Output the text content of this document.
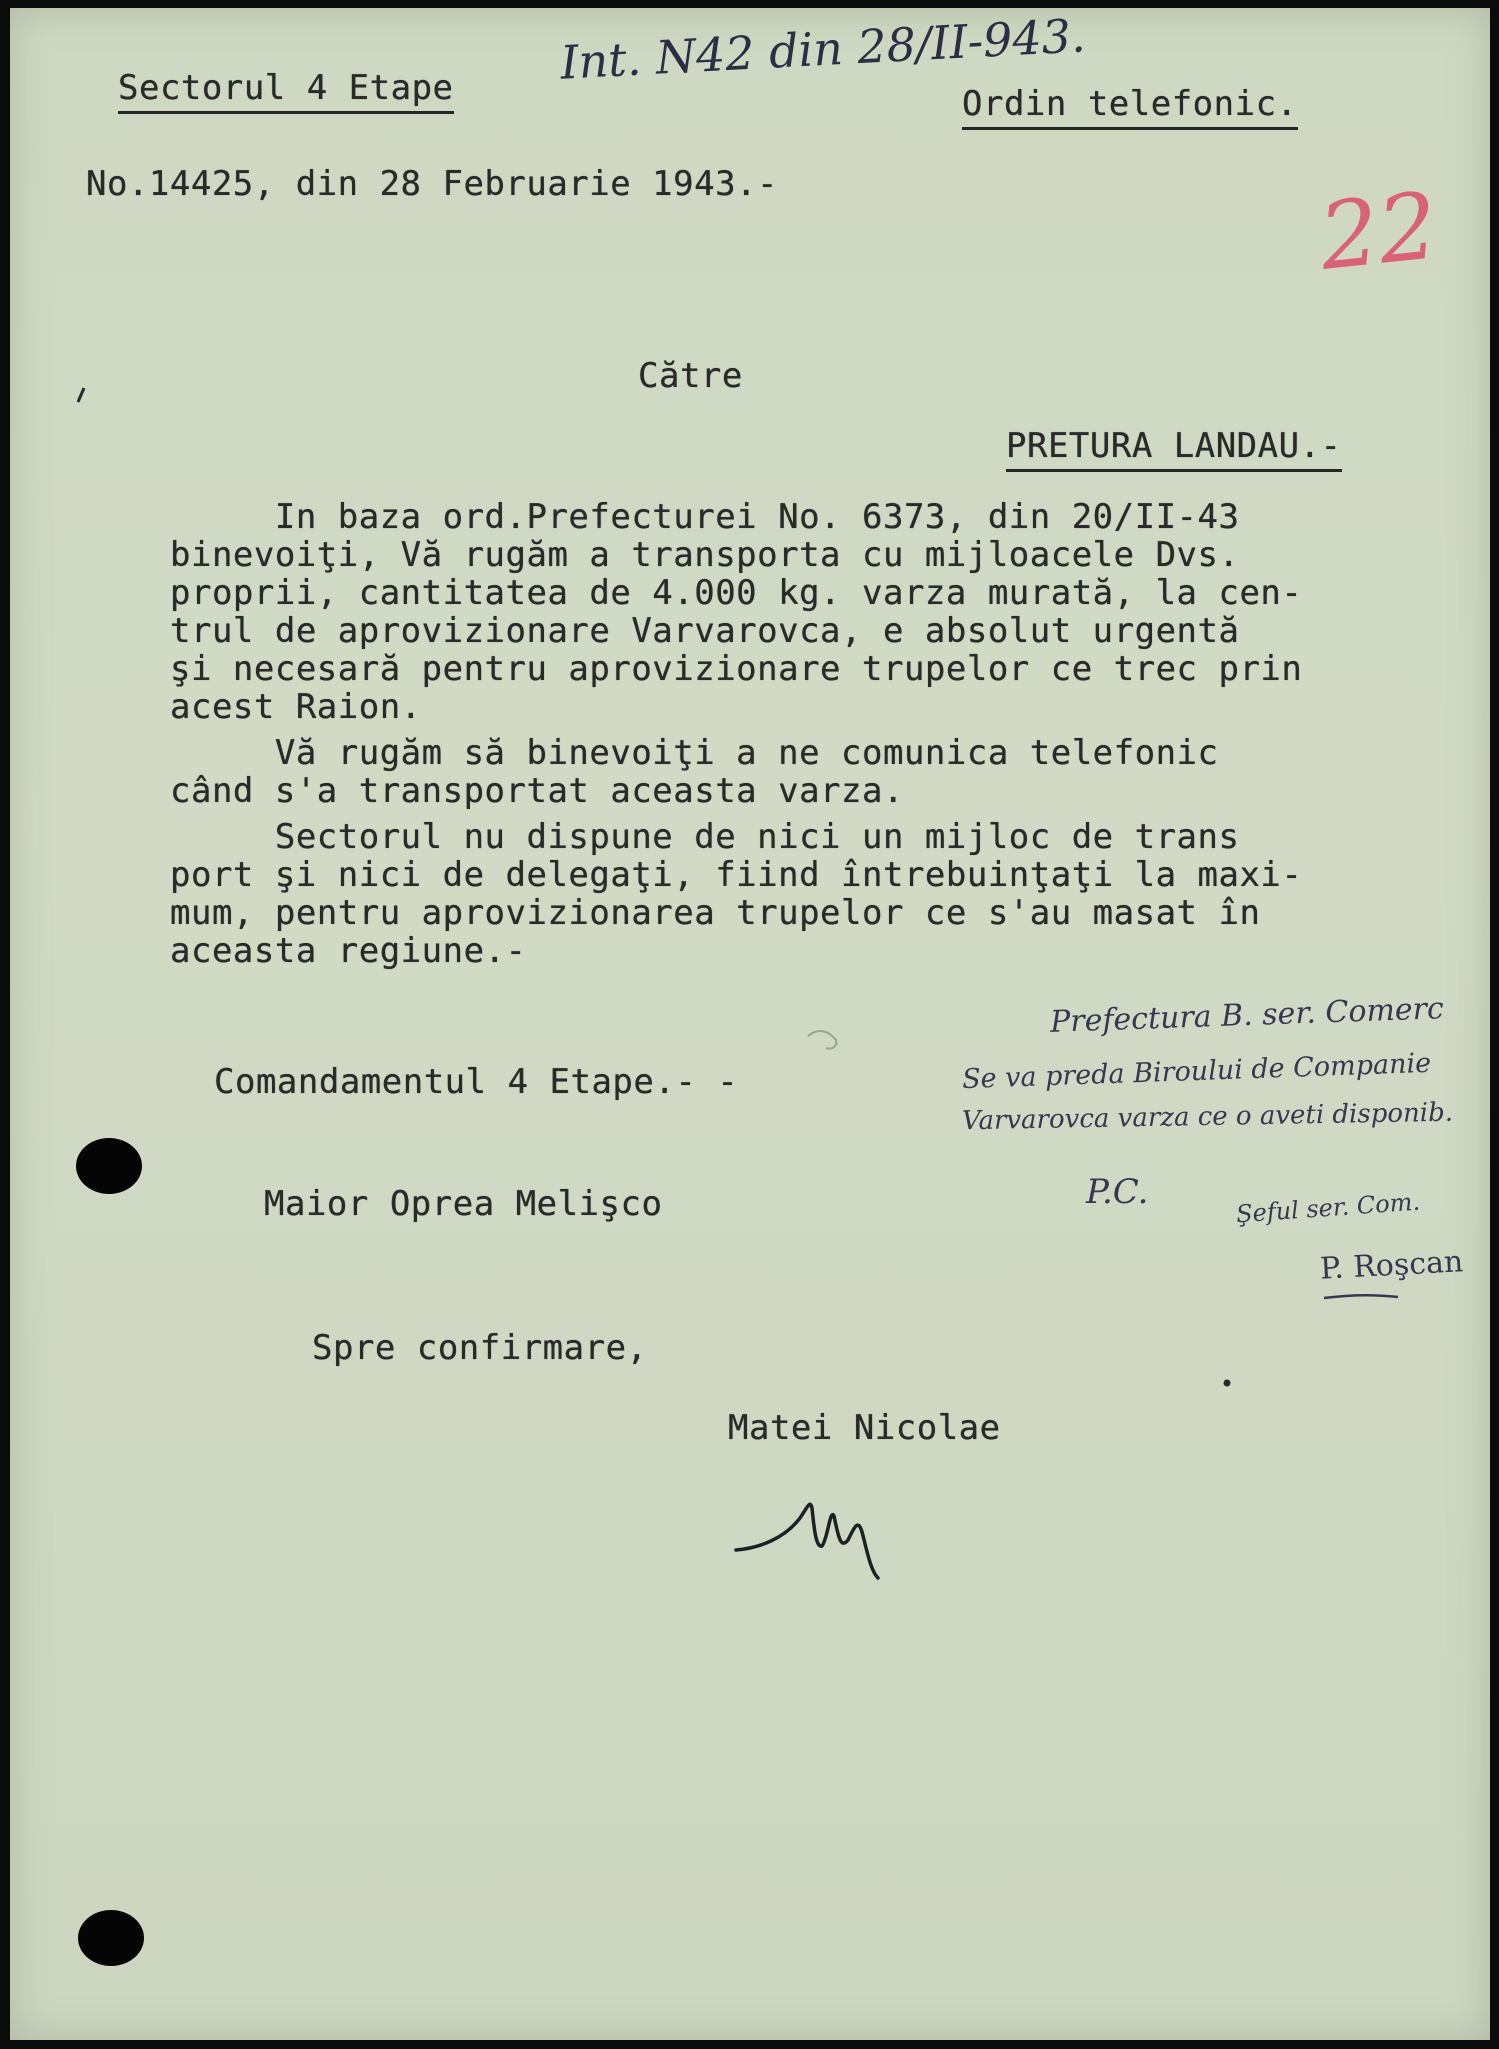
Sectorul 4 Etape	Ordin telefonic.
Int. N42 din 28/II-943.
No.14425, din 28 Februarie 1943.-	22
Către
PRETURA LANDAU.-
In baza ord.Prefecturei No. 6373, din 20/II-43
binevoiţi, Vă rugăm a transporta cu mijloacele Dvs.
proprii, cantitatea de 4.000 kg. varza murată, la cen-
trul de aprovizionare Varvarovca, e absolut urgentă
şi necesară pentru aprovizionare trupelor ce trec prin
acest Raion.
Vă rugăm să binevoiţi a ne comunica telefonic
când s'a transportat aceasta varza.
Sectorul nu dispune de nici un mijloc de trans
port şi nici de delegaţi, fiind întrebuinţaţi la maxi-
mum, pentru aprovizionarea trupelor ce s'au masat în
aceasta regiune.-
Comandamentul 4 Etape.- -
Maior Oprea Melişco
Spre confirmare,
Matei Nicolae
Prefectura B. ser. Comerc
Se va preda Biroului de Companie
Varvarovca varza ce o aveti disponib.
P.C.	Şeful ser. Com.
P. Roşcan
